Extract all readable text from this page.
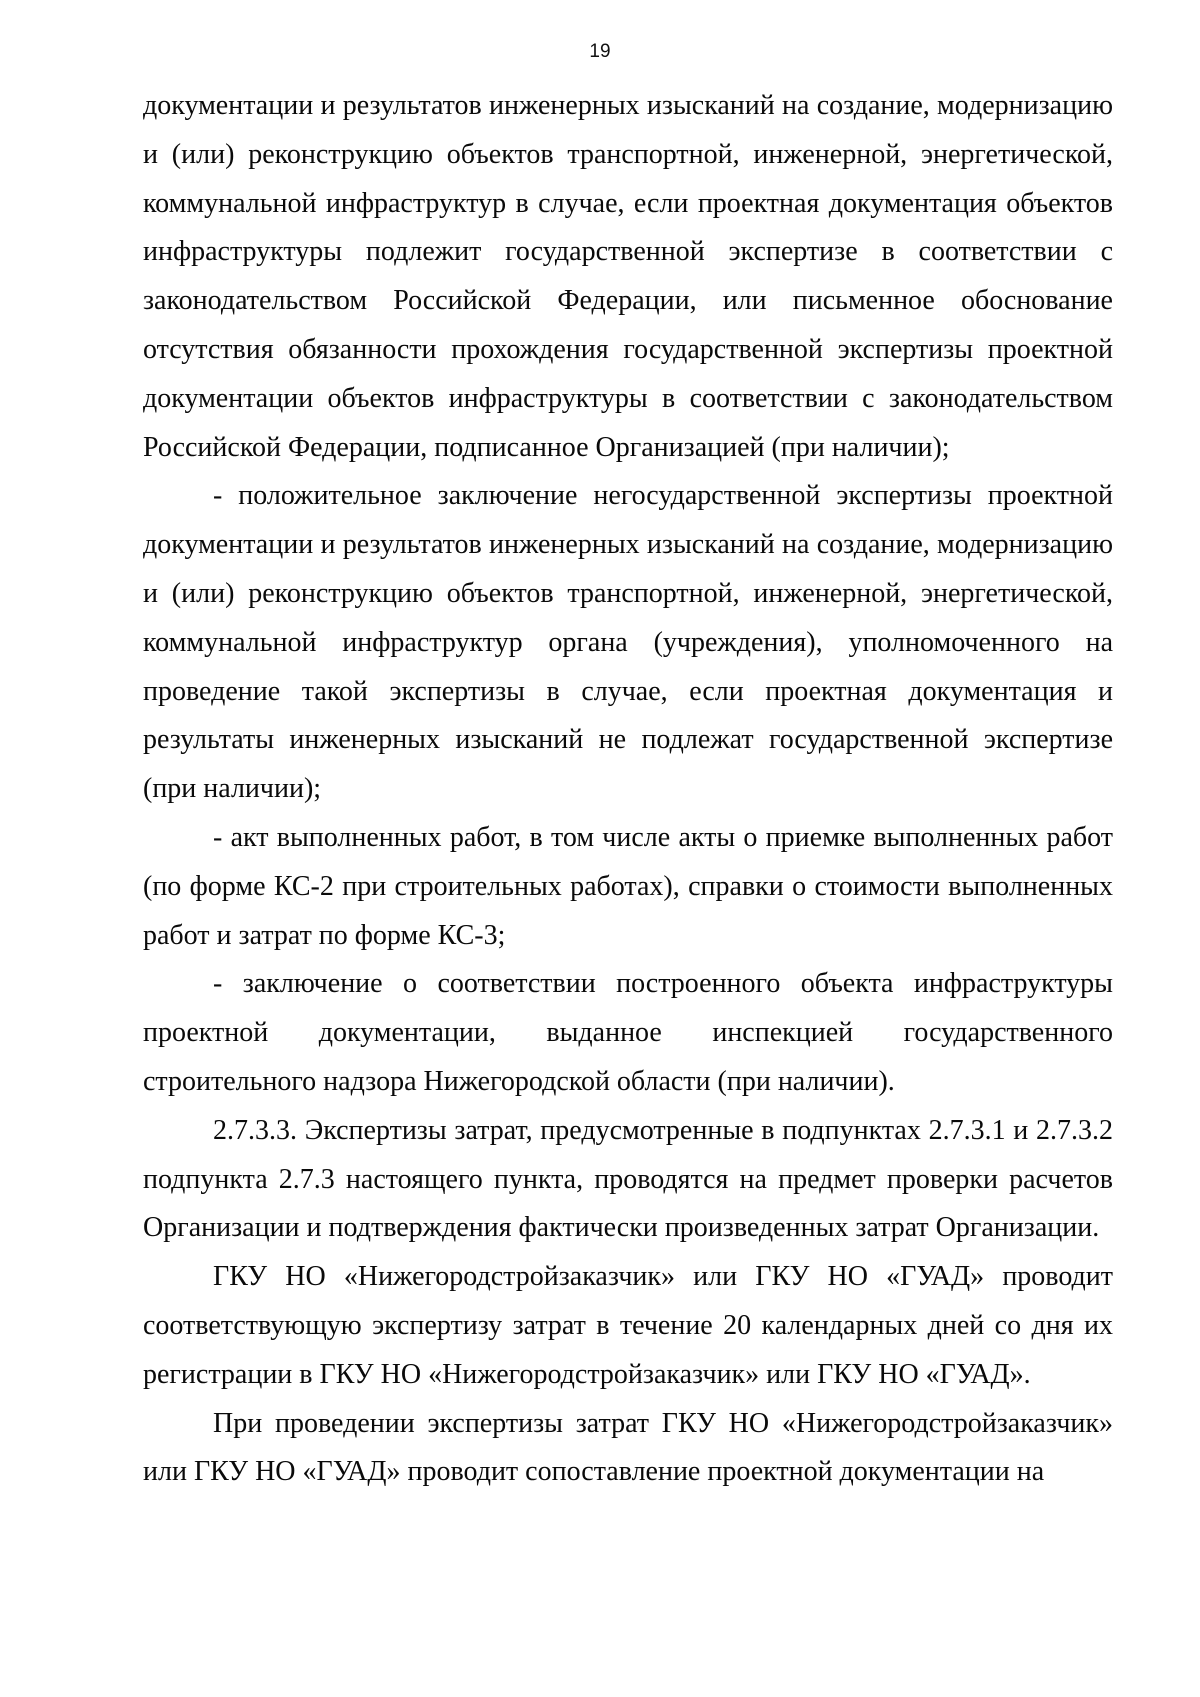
19

документации и результатов инженерных изысканий на создание, модернизацию и (или) реконструкцию объектов транспортной, инженерной, энергетической, коммунальной инфраструктур в случае, если проектная документация объектов инфраструктуры подлежит государственной экспертизе в соответствии с законодательством Российской Федерации, или письменное обоснование отсутствия обязанности прохождения государственной экспертизы проектной документации объектов инфраструктуры в соответствии с законодательством Российской Федерации, подписанное Организацией (при наличии);

- положительное заключение негосударственной экспертизы проектной документации и результатов инженерных изысканий на создание, модернизацию и (или) реконструкцию объектов транспортной, инженерной, энергетической, коммунальной инфраструктур органа (учреждения), уполномоченного на проведение такой экспертизы в случае, если проектная документация и результаты инженерных изысканий не подлежат государственной экспертизе (при наличии);

- акт выполненных работ, в том числе акты о приемке выполненных работ (по форме КС-2 при строительных работах), справки о стоимости выполненных работ и затрат по форме КС-3;

- заключение о соответствии построенного объекта инфраструктуры проектной документации, выданное инспекцией государственного строительного надзора Нижегородской области (при наличии).

2.7.3.3. Экспертизы затрат, предусмотренные в подпунктах 2.7.3.1 и 2.7.3.2 подпункта 2.7.3 настоящего пункта, проводятся на предмет проверки расчетов Организации и подтверждения фактически произведенных затрат Организации.

ГКУ НО «Нижегородстройзаказчик» или ГКУ НО «ГУАД» проводит соответствующую экспертизу затрат в течение 20 календарных дней со дня их регистрации в ГКУ НО «Нижегородстройзаказчик» или ГКУ НО «ГУАД».

При проведении экспертизы затрат ГКУ НО «Нижегородстройзаказчик» или ГКУ НО «ГУАД» проводит сопоставление проектной документации на
